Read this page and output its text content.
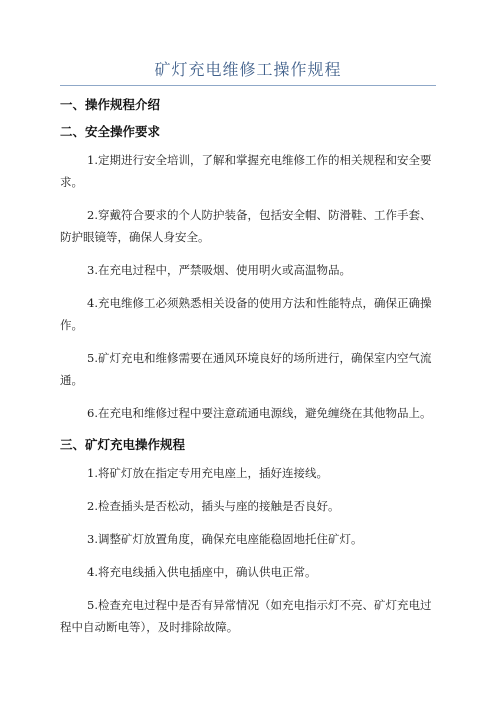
矿灯充电维修工操作规程
一、操作规程介绍
二、安全操作要求

1.定期进行安全培训，了解和掌握充电维修工作的相关规程和安全要求。

2.穿戴符合要求的个人防护装备，包括安全帽、防滑鞋、工作手套、防护眼镜等，确保人身安全。

3.在充电过程中，严禁吸烟、使用明火或高温物品。

4.充电维修工必须熟悉相关设备的使用方法和性能特点，确保正确操作。

5.矿灯充电和维修需要在通风环境良好的场所进行，确保室内空气流通。

6.在充电和维修过程中要注意疏通电源线，避免缠绕在其他物品上。

三、矿灯充电操作规程

1.将矿灯放在指定专用充电座上，插好连接线。

2.检查插头是否松动，插头与座的接触是否良好。

3.调整矿灯放置角度，确保充电座能稳固地托住矿灯。

4.将充电线插入供电插座中，确认供电正常。

5.检查充电过程中是否有异常情况（如充电指示灯不亮、矿灯充电过程中自动断电等），及时排除故障。
